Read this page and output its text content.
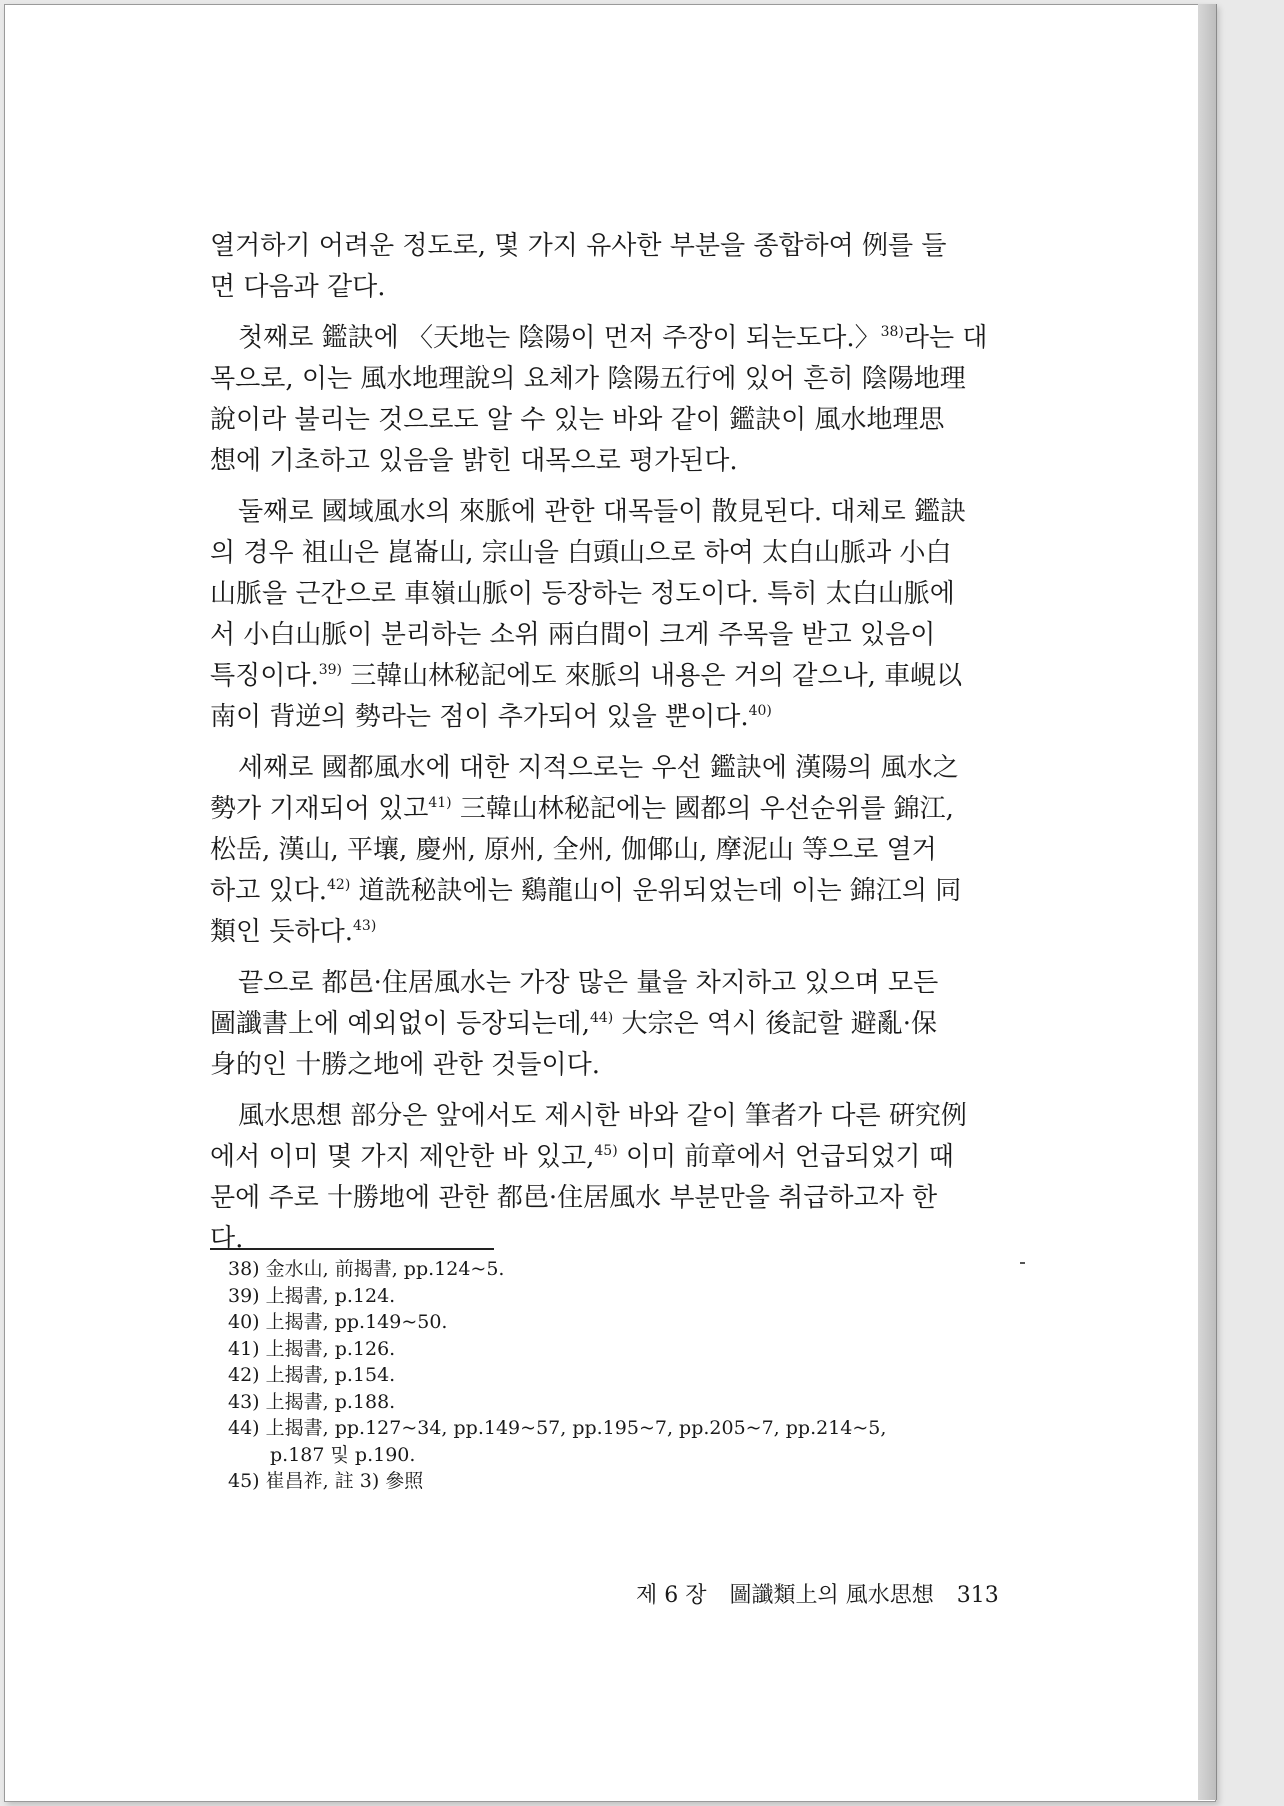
열거하기 어려운 정도로, 몇 가지 유사한 부분을 종합하여 例를 들
면 다음과 같다.
첫째로 鑑訣에 〈天地는 陰陽이 먼저 주장이 되는도다.〉$^{38)}$라는 대
목으로, 이는 風水地理說의 요체가 陰陽五行에 있어 흔히 陰陽地理
說이라 불리는 것으로도 알 수 있는 바와 같이 鑑訣이 風水地理思
想에 기초하고 있음을 밝힌 대목으로 평가된다.
둘째로 國域風水의 來脈에 관한 대목들이 散見된다. 대체로 鑑訣
의 경우 祖山은 崑崙山, 宗山을 白頭山으로 하여 太白山脈과 小白
山脈을 근간으로 車嶺山脈이 등장하는 정도이다. 특히 太白山脈에
서 小白山脈이 분리하는 소위 兩白間이 크게 주목을 받고 있음이
특징이다.$^{39)}$ 三韓山林秘記에도 來脈의 내용은 거의 같으나, 車峴以
南이 背逆의 勢라는 점이 추가되어 있을 뿐이다.$^{40)}$
세째로 國都風水에 대한 지적으로는 우선 鑑訣에 漢陽의 風水之
勢가 기재되어 있고$^{41)}$ 三韓山林秘記에는 國都의 우선순위를 錦江,
松岳, 漢山, 平壤, 慶州, 原州, 全州, 伽倻山, 摩泥山 等으로 열거
하고 있다.$^{42)}$ 道詵秘訣에는 鷄龍山이 운위되었는데 이는 錦江의 同
類인 듯하다.$^{43)}$
끝으로 都邑·住居風水는 가장 많은 量을 차지하고 있으며 모든
圖讖書上에 예외없이 등장되는데,$^{44)}$ 大宗은 역시 後記할 避亂·保
身的인 十勝之地에 관한 것들이다.
風水思想 部分은 앞에서도 제시한 바와 같이 筆者가 다른 硏究例
에서 이미 몇 가지 제안한 바 있고,$^{45)}$ 이미 前章에서 언급되었기 때
문에 주로 十勝地에 관한 都邑·住居風水 부분만을 취급하고자 한
다.
38) 金水山, 前揭書, pp.124~5.
39) 上揭書, p.124.
40) 上揭書, pp.149~50.
41) 上揭書, p.126.
42) 上揭書, p.154.
43) 上揭書, p.188.
44) 上揭書, pp.127~34, pp.149~57, pp.195~7, pp.205~7, pp.214~5,
p.187 및 p.190.
45) 崔昌祚, 註 3) 參照
제 6 장 圖讖類上의 風水思想 313
